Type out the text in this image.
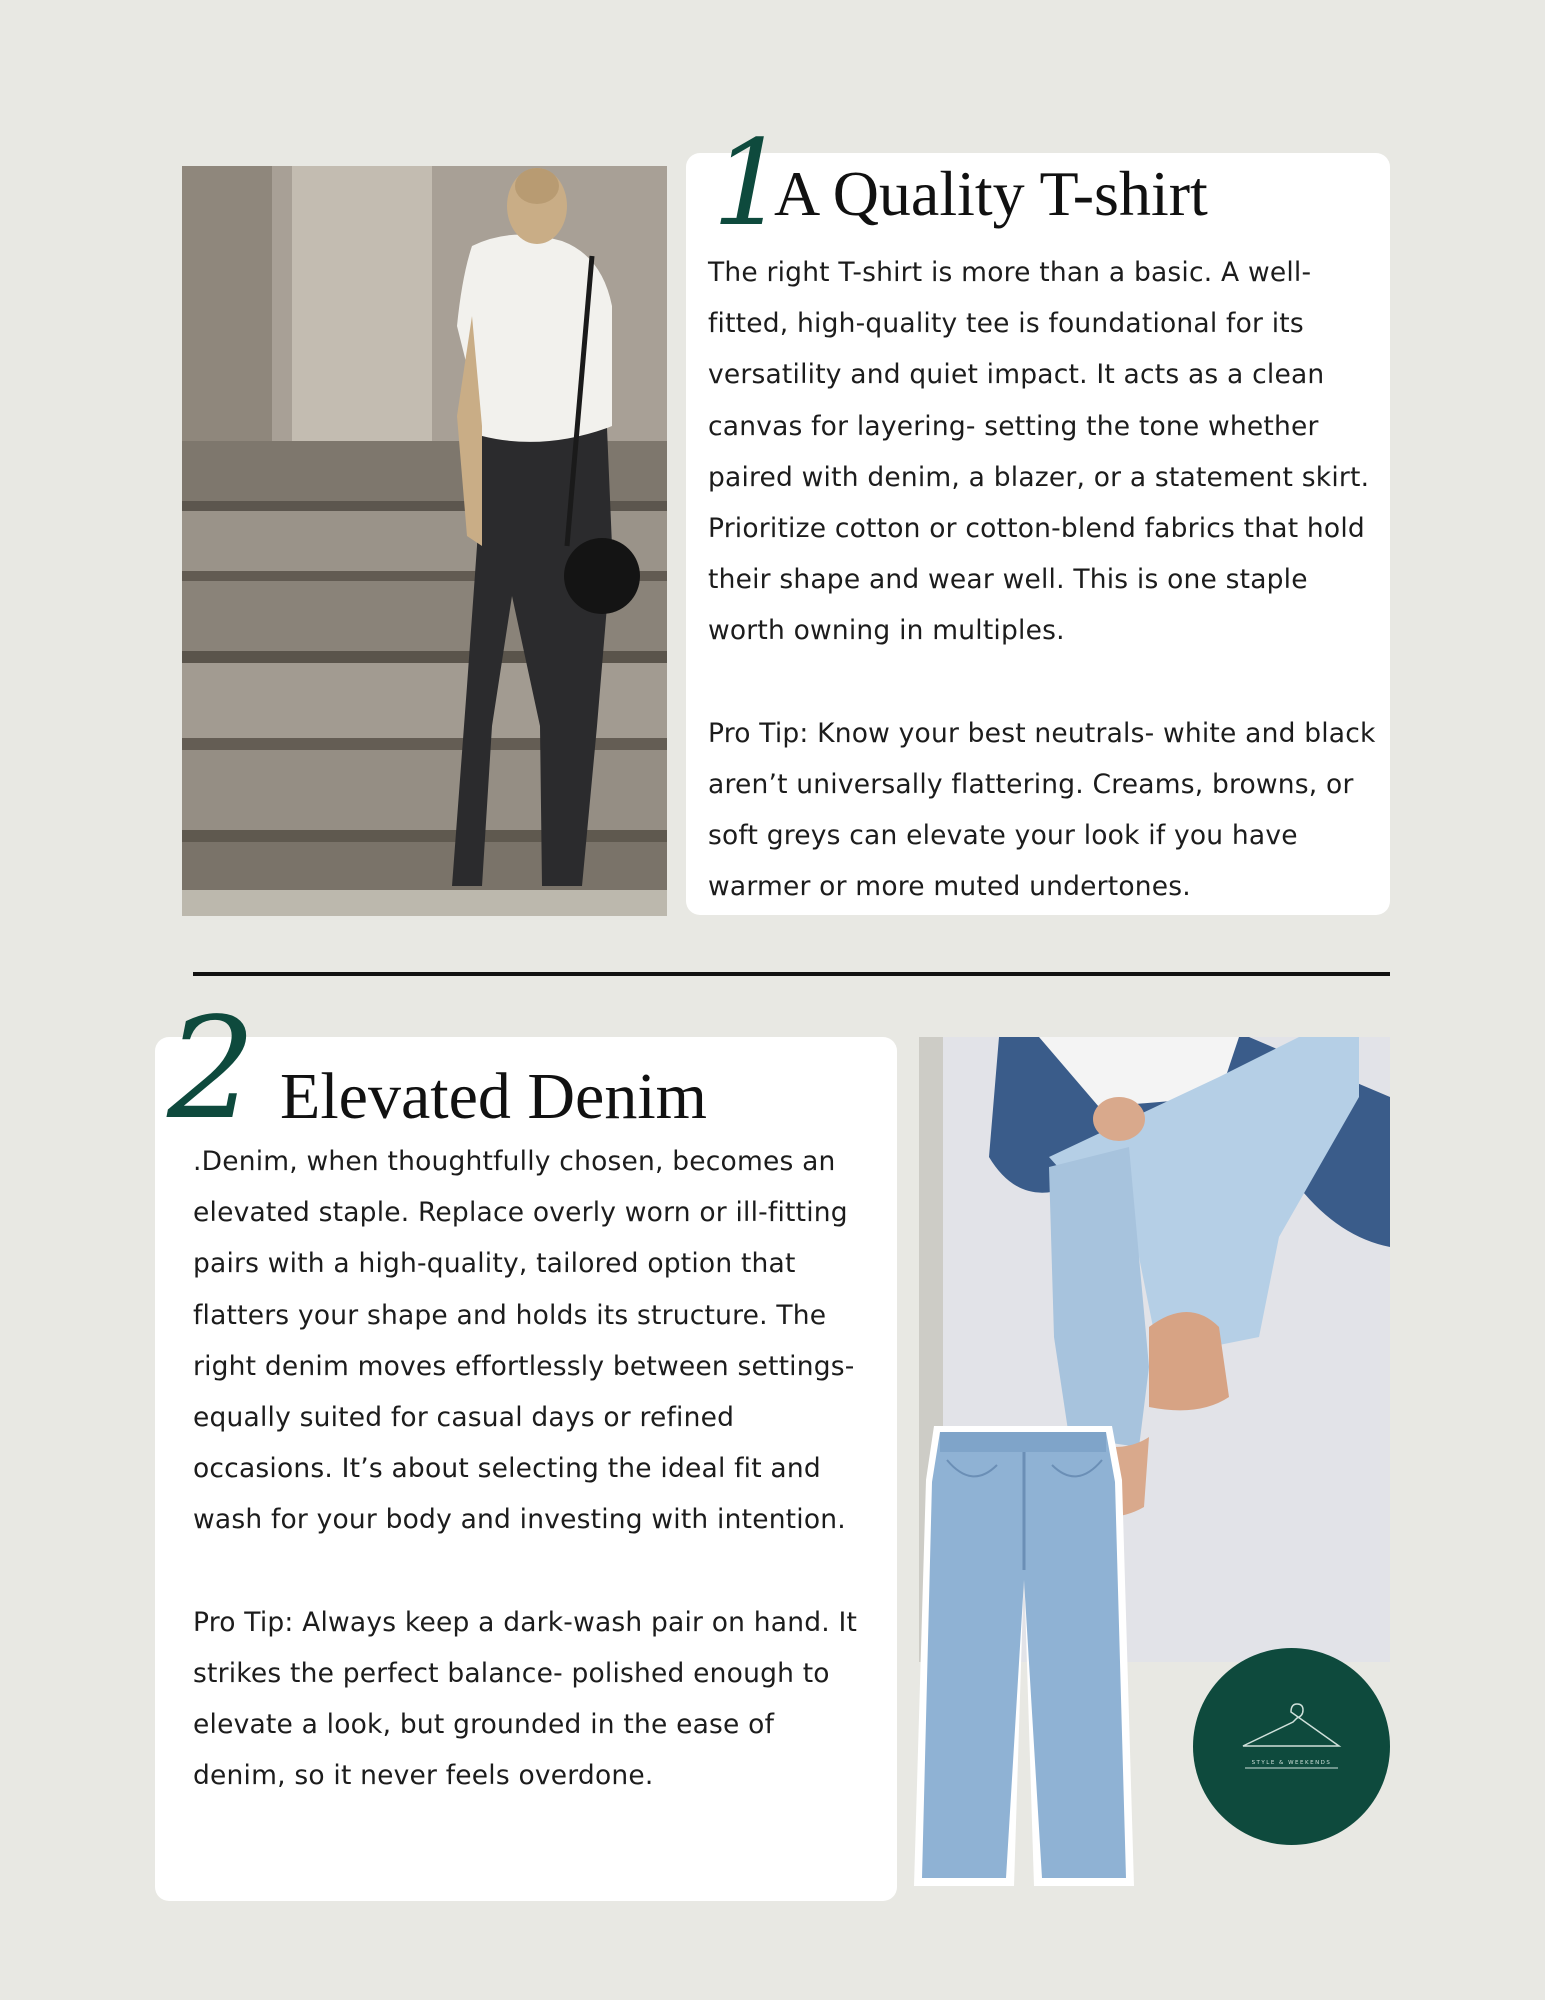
1
A Quality T-shirt

The right T-shirt is more than a basic. A well-fitted, high-quality tee is foundational for its versatility and quiet impact. It acts as a clean canvas for layering- setting the tone whether paired with denim, a blazer, or a statement skirt. Prioritize cotton or cotton-blend fabrics that hold their shape and wear well. This is one staple worth owning in multiples.

Pro Tip: Know your best neutrals- white and black aren’t universally flattering. Creams, browns, or soft greys can elevate your look if you have warmer or more muted undertones.

2 Elevated Denim

.Denim, when thoughtfully chosen, becomes an elevated staple. Replace overly worn or ill-fitting pairs with a high-quality, tailored option that flatters your shape and holds its structure. The right denim moves effortlessly between settings- equally suited for casual days or refined occasions. It’s about selecting the ideal fit and wash for your body and investing with intention.

Pro Tip: Always keep a dark-wash pair on hand. It strikes the perfect balance- polished enough to elevate a look, but grounded in the ease of denim, so it never feels overdone.	STYLE & WEEKENDS
